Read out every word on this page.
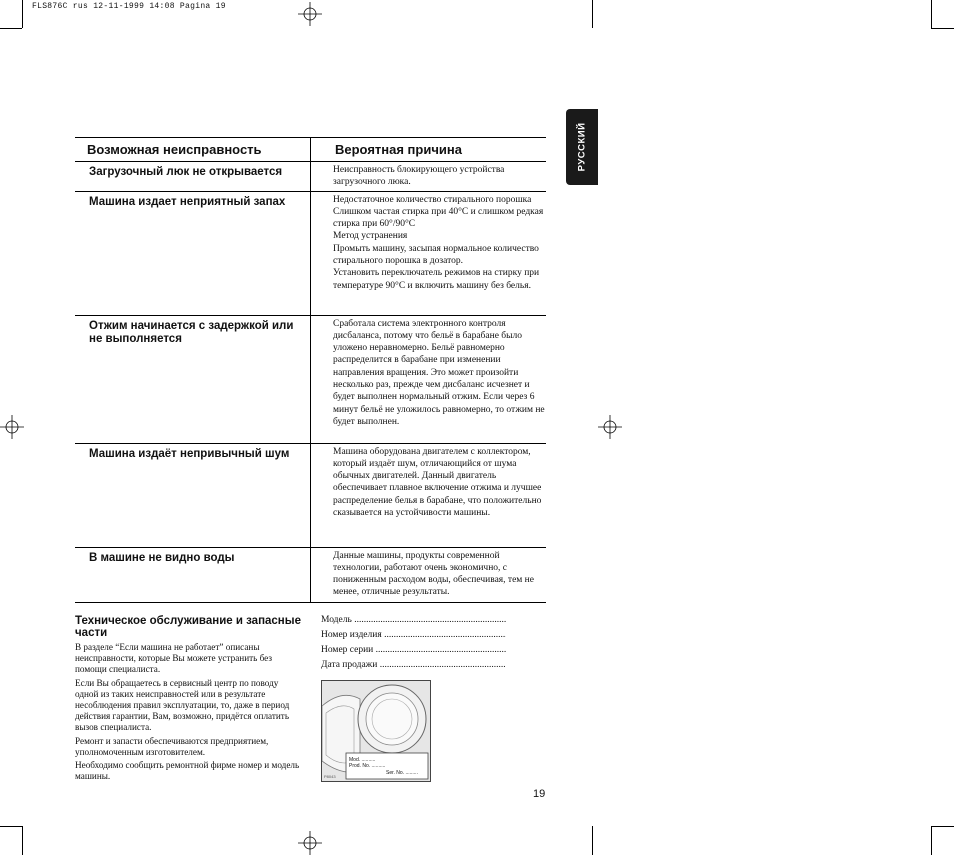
FLS876C rus 12-11-1999 14:08 Pagina 19
РУССКИЙ
Возможная неисправность	Вероятная причина
Загрузочный люк не открывается	Неисправность блокирующего устройства загрузочного люка.
Машина издает неприятный запах	Недостаточное количество стирального порошка
Слишком частая стирка при 40°C и слишком редкая стирка при 60°/90°C
Метод устранения
Промыть машину, засыпая нормальное количество стирального порошка в дозатор.
Установить переключатель режимов на стирку при температуре 90°C и включить машину без белья.

Отжим начинается с задержкой или не выполняется	Сработала система электронного контроля дисбаланса, потому что бельё в барабане было уложено неравномерно. Бельё равномерно распределится в барабане при изменении направления вращения. Это может произойти несколько раз, прежде чем дисбаланс исчезнет и будет выполнен нормальный отжим. Если через 6 минут бельё не уложилось равномерно, то отжим не будет выполнен.
Машина издаёт непривычный шум	Машина оборудована двигателем с коллектором, который издаёт шум, отличающийся от шума обычных двигателей. Данный двигатель обеспечивает плавное включение отжима и лучшее распределение белья в барабане, что положительно сказывается на устойчивости машины.
В машине не видно воды	Данные машины, продукты современной технологии, работают очень экономично, с пониженным расходом воды, обеспечивая, тем не менее, отличные результаты.
Техническое обслуживание и запасные части

В разделе “Если машина не работает” описаны неисправности, которые Вы можете устранить без помощи специалиста.

Если Вы обращаетесь в сервисный центр по поводу одной из таких неисправностей или в результате несоблюдения правил эксплуатации, то, даже в период действия гарантии, Вам, возможно, придётся оплатить вызов специалиста.

Ремонт и запасти обеспечиваются предприятием, уполномоченным изготовителем.

Необходимо сообщить ремонтной фирме номер и модель машины.

Модель .....
Номер изделия .....
Номер серии .....
Дата продажи .....
Mod. ..........
Prod. No. ..........
Ser. No. .........
P8043
19
